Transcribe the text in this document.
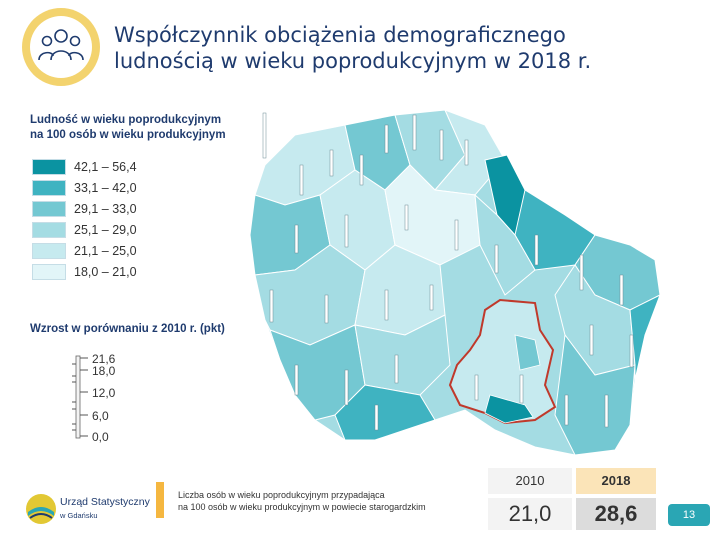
Współczynnik obciążenia demograficznego
ludnością w wieku poprodukcyjnym w 2018 r.
Ludność w wieku poprodukcyjnym
na 100 osób w wieku produkcyjnym
42,1 – 56,4
33,1 – 42,0
29,1 – 33,0
25,1 – 29,0
21,1 – 25,0
18,0 – 21,0
Wzrost w porównaniu z 2010 r. (pkt)
21,6
18,0
12,0
6,0
0,0
Urząd Statystyczny
w Gdańsku
Liczba osób w wieku poprodukcyjnym przypadająca
na 100 osób w wieku produkcyjnym w powiecie starogardzkim
2010	2018
21,0	28,6	13
